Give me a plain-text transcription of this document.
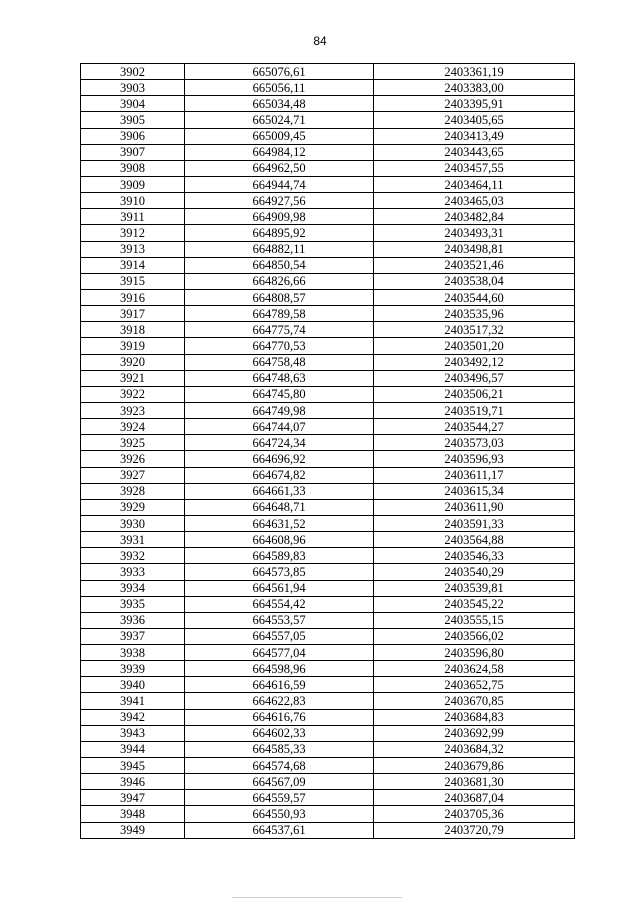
84
3902	665076,61	2403361,19
3903	665056,11	2403383,00
3904	665034,48	2403395,91
3905	665024,71	2403405,65
3906	665009,45	2403413,49
3907	664984,12	2403443,65
3908	664962,50	2403457,55
3909	664944,74	2403464,11
3910	664927,56	2403465,03
3911	664909,98	2403482,84
3912	664895,92	2403493,31
3913	664882,11	2403498,81
3914	664850,54	2403521,46
3915	664826,66	2403538,04
3916	664808,57	2403544,60
3917	664789,58	2403535,96
3918	664775,74	2403517,32
3919	664770,53	2403501,20
3920	664758,48	2403492,12
3921	664748,63	2403496,57
3922	664745,80	2403506,21
3923	664749,98	2403519,71
3924	664744,07	2403544,27
3925	664724,34	2403573,03
3926	664696,92	2403596,93
3927	664674,82	2403611,17
3928	664661,33	2403615,34
3929	664648,71	2403611,90
3930	664631,52	2403591,33
3931	664608,96	2403564,88
3932	664589,83	2403546,33
3933	664573,85	2403540,29
3934	664561,94	2403539,81
3935	664554,42	2403545,22
3936	664553,57	2403555,15
3937	664557,05	2403566,02
3938	664577,04	2403596,80
3939	664598,96	2403624,58
3940	664616,59	2403652,75
3941	664622,83	2403670,85
3942	664616,76	2403684,83
3943	664602,33	2403692,99
3944	664585,33	2403684,32
3945	664574,68	2403679,86
3946	664567,09	2403681,30
3947	664559,57	2403687,04
3948	664550,93	2403705,36
3949	664537,61	2403720,79
